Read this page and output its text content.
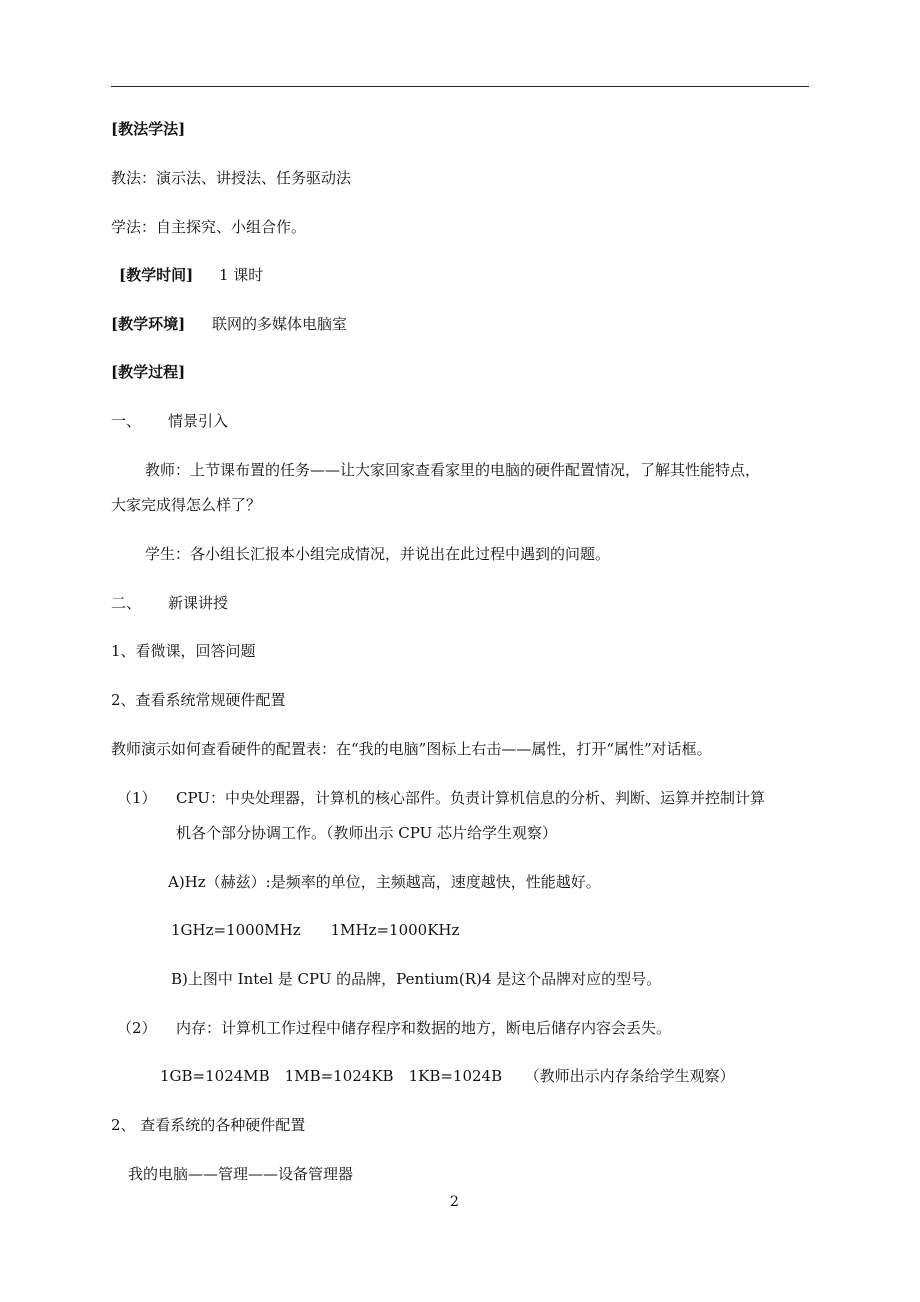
[教法学法]
教法：演示法、讲授法、任务驱动法
学法：自主探究、小组合作。
[教学时间] 1 课时
[教学环境] 联网的多媒体电脑室
[教学过程]
一、 情景引入
教师：上节课布置的任务——让大家回家查看家里的电脑的硬件配置情况，了解其性能特点，
大家完成得怎么样了？
学生：各小组长汇报本小组完成情况，并说出在此过程中遇到的问题。
二、 新课讲授
1、看微课，回答问题
2、查看系统常规硬件配置
教师演示如何查看硬件的配置表：在“我的电脑”图标上右击——属性，打开“属性”对话框。
（1） CPU：中央处理器，计算机的核心部件。负责计算机信息的分析、判断、运算并控制计算
机各个部分协调工作。（教师出示 CPU 芯片给学生观察）
A)Hz（赫兹）:是频率的单位，主频越高，速度越快，性能越好。
1GHz=1000MHz　　1MHz=1000KHz
B)上图中 Intel 是 CPU 的品牌，Pentium(R)4 是这个品牌对应的型号。
（2） 内存：计算机工作过程中储存程序和数据的地方，断电后储存内容会丢失。
1GB=1024MB　1MB=1024KB　1KB=1024B　　（教师出示内存条给学生观察）
2、 查看系统的各种硬件配置
我的电脑——管理——设备管理器
2
